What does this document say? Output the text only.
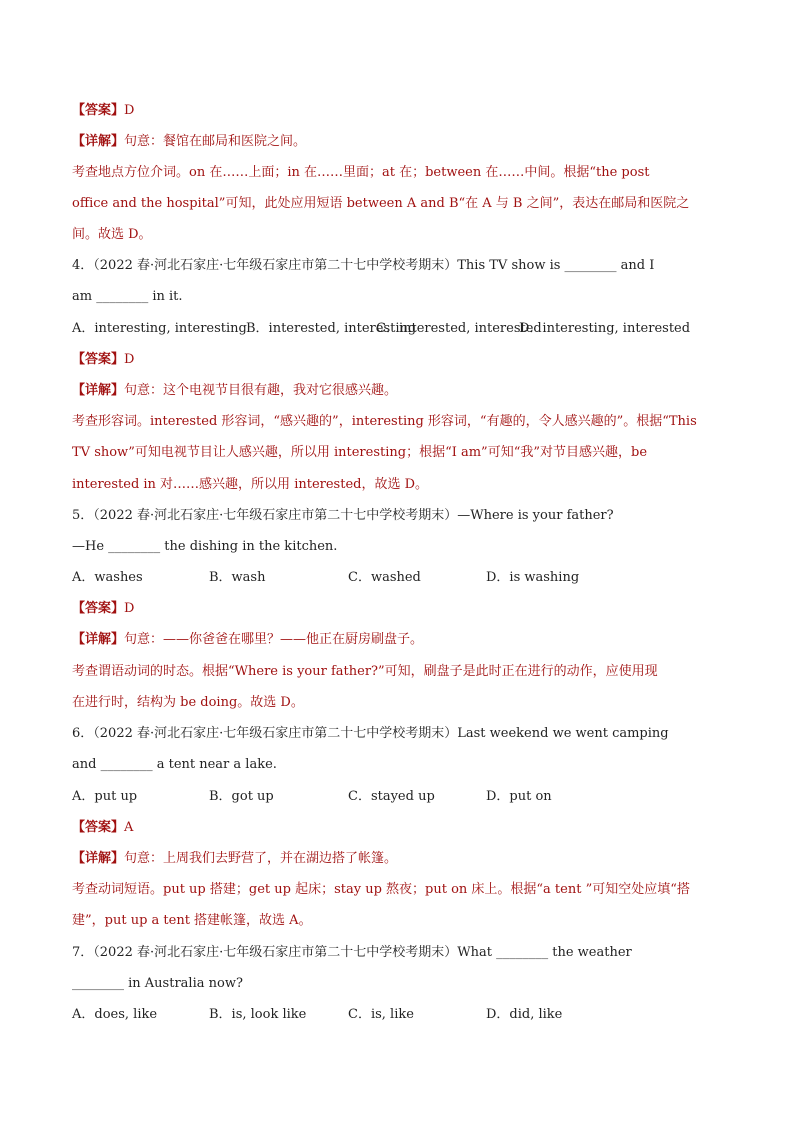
【答案】D
【详解】句意：餐馆在邮局和医院之间。
考查地点方位介词。on 在……上面；in 在……里面；at 在；between 在……中间。根据“the post
office and the hospital”可知，此处应用短语 between A and B“在 A 与 B 之间”，表达在邮局和医院之
间。故选 D。
4．（2022 春·河北石家庄·七年级石家庄市第二十七中学校考期末）This TV show is ________ and I
am ________ in it.
A．interesting, interesting B．interested, interesting
C．interested, interested
D．interesting, interested
【答案】D
【详解】句意：这个电视节目很有趣，我对它很感兴趣。
考查形容词。interested 形容词，“感兴趣的”，interesting 形容词，“有趣的，令人感兴趣的”。根据“This
TV show”可知电视节目让人感兴趣，所以用 interesting；根据“I am”可知“我”对节目感兴趣，be
interested in 对……感兴趣，所以用 interested，故选 D。
5．（2022 春·河北石家庄·七年级石家庄市第二十七中学校考期末）—Where is your father?
—He ________ the dishing in the kitchen.
A．washes	B．wash	C．washed	D．is washing
【答案】D
【详解】句意：——你爸爸在哪里？——他正在厨房刷盘子。
考查谓语动词的时态。根据“Where is your father?”可知，刷盘子是此时正在进行的动作，应使用现
在进行时，结构为 be doing。故选 D。
6．（2022 春·河北石家庄·七年级石家庄市第二十七中学校考期末）Last weekend we went camping
and ________ a tent near a lake.
A．put up	B．got up	C．stayed up	D．put on
【答案】A
【详解】句意：上周我们去野营了，并在湖边搭了帐篷。
考查动词短语。put up 搭建；get up 起床；stay up 熬夜；put on 床上。根据“a tent ”可知空处应填“搭
建”，put up a tent 搭建帐篷，故选 A。
7．（2022 春·河北石家庄·七年级石家庄市第二十七中学校考期末）What ________ the weather
________ in Australia now?
A．does, like	B．is, look like	C．is, like	D．did, like
